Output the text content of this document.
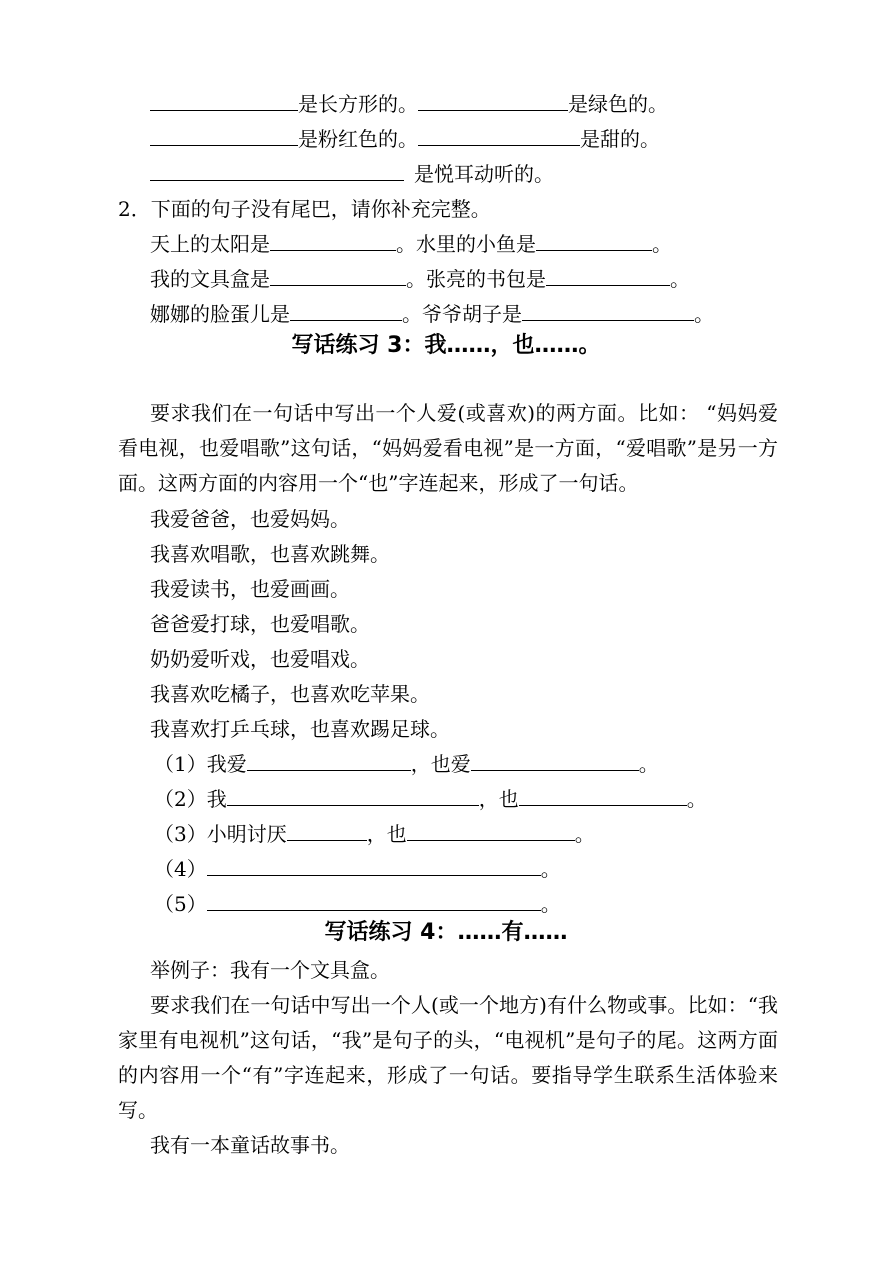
是长方形的。	是绿色的。
是粉红色的。	是甜的。
是悦耳动听的。
2．下面的句子没有尾巴，请你补充完整。
天上的太阳是	。水里的小鱼是	。
我的文具盒是	。张亮的书包是	。
娜娜的脸蛋儿是	。爷爷胡子是	。
写话练习 3：我……，也……。
要求我们在一句话中写出一个人爱(或喜欢)的两方面。比如： “妈妈爱看电视，也爱唱歌”这句话，“妈妈爱看电视”是一方面，“爱唱歌”是另一方面。这两方面的内容用一个“也”字连起来，形成了一句话。
我爱爸爸，也爱妈妈。
我喜欢唱歌，也喜欢跳舞。
我爱读书，也爱画画。
爸爸爱打球，也爱唱歌。
奶奶爱听戏，也爱唱戏。
我喜欢吃橘子，也喜欢吃苹果。
我喜欢打乒乓球，也喜欢踢足球。
（1）我爱	，也爱	。
（2）我	，也	。
（3）小明讨厌	，也	。
（4）	。
（5）	。
写话练习 4：……有……
举例子：我有一个文具盒。
要求我们在一句话中写出一个人(或一个地方)有什么物或事。比如：“我家里有电视机”这句话，“我”是句子的头，“电视机”是句子的尾。这两方面的内容用一个“有”字连起来，形成了一句话。要指导学生联系生活体验来写。
我有一本童话故事书。
